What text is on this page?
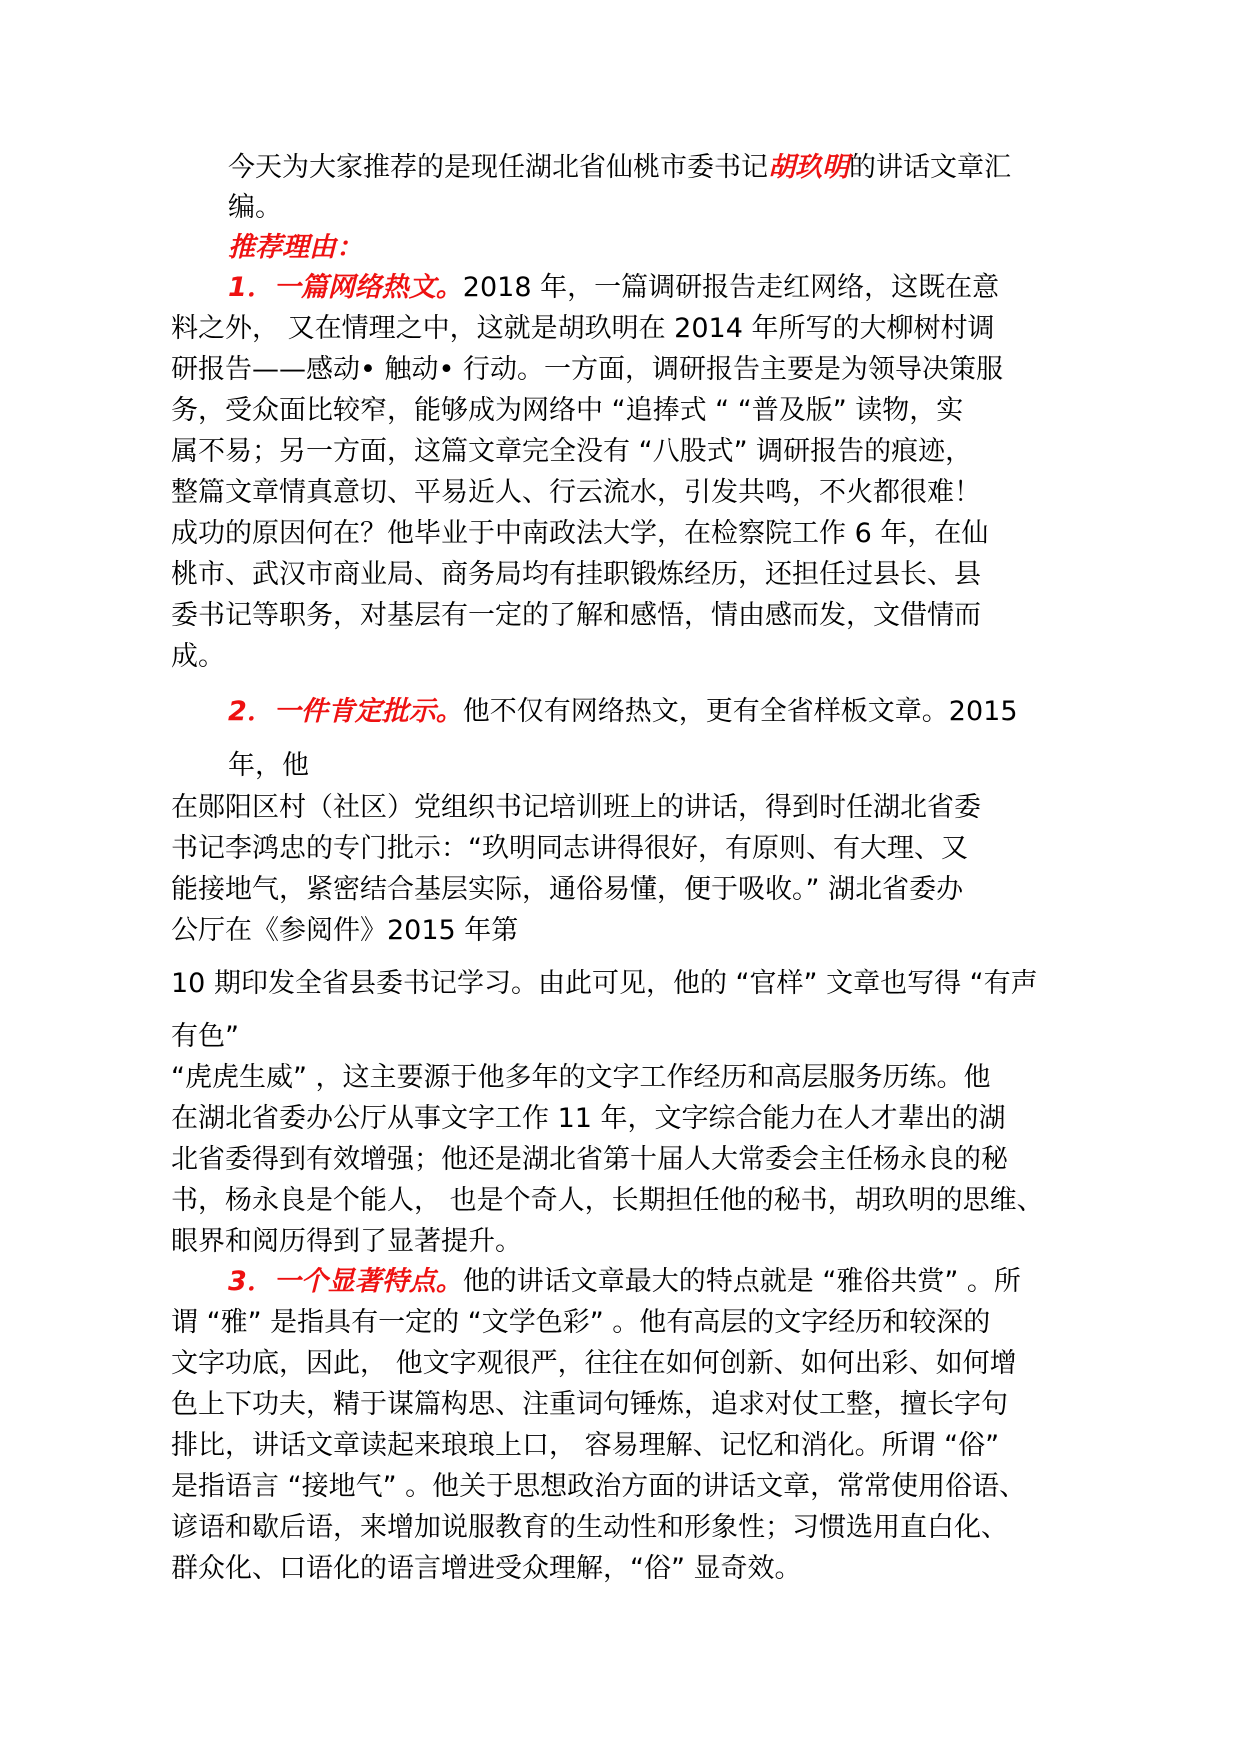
今天为大家推荐的是现任湖北省仙桃市委书记胡玖明的讲话文章汇
编。
推荐理由：
1．一篇网络热文。2018 年，一篇调研报告走红网络，这既在意
料之外， 又在情理之中，这就是胡玖明在 2014 年所写的大柳树村调
研报告——感动• 触动• 行动。一方面，调研报告主要是为领导决策服
务，受众面比较窄，能够成为网络中 “追捧式 “ “普及版” 读物，实
属不易；另一方面，这篇文章完全没有 “八股式” 调研报告的痕迹，
整篇文章情真意切、平易近人、行云流水，引发共鸣，不火都很难！
成功的原因何在？他毕业于中南政法大学，在检察院工作 6 年，在仙
桃市、武汉市商业局、商务局均有挂职锻炼经历，还担任过县长、县
委书记等职务，对基层有一定的了解和感悟，情由感而发，文借情而
成。
2．一件肯定批示。他不仅有网络热文，更有全省样板文章。2015
年，他
在郧阳区村（社区）党组织书记培训班上的讲话，得到时任湖北省委
书记李鸿忠的专门批示：“玖明同志讲得很好，有原则、有大理、又
能接地气，紧密结合基层实际，通俗易懂，便于吸收。” 湖北省委办
公厅在《参阅件》2015 年第
10 期印发全省县委书记学习。由此可见，他的 “官样” 文章也写得 “有声
有色”
“虎虎生威” ，这主要源于他多年的文字工作经历和高层服务历练。他
在湖北省委办公厅从事文字工作 11 年，文字综合能力在人才辈出的湖
北省委得到有效增强；他还是湖北省第十届人大常委会主任杨永良的秘
书，杨永良是个能人， 也是个奇人，长期担任他的秘书，胡玖明的思维、
眼界和阅历得到了显著提升。
3．一个显著特点。他的讲话文章最大的特点就是 “雅俗共赏” 。所
谓 “雅” 是指具有一定的 “文学色彩” 。他有高层的文字经历和较深的
文字功底，因此， 他文字观很严，往往在如何创新、如何出彩、如何增
色上下功夫，精于谋篇构思、注重词句锤炼，追求对仗工整，擅长字句
排比，讲话文章读起来琅琅上口， 容易理解、记忆和消化。所谓 “俗”
是指语言 “接地气” 。他关于思想政治方面的讲话文章，常常使用俗语、
谚语和歇后语，来增加说服教育的生动性和形象性；习惯选用直白化、
群众化、口语化的语言增进受众理解，“俗” 显奇效。
